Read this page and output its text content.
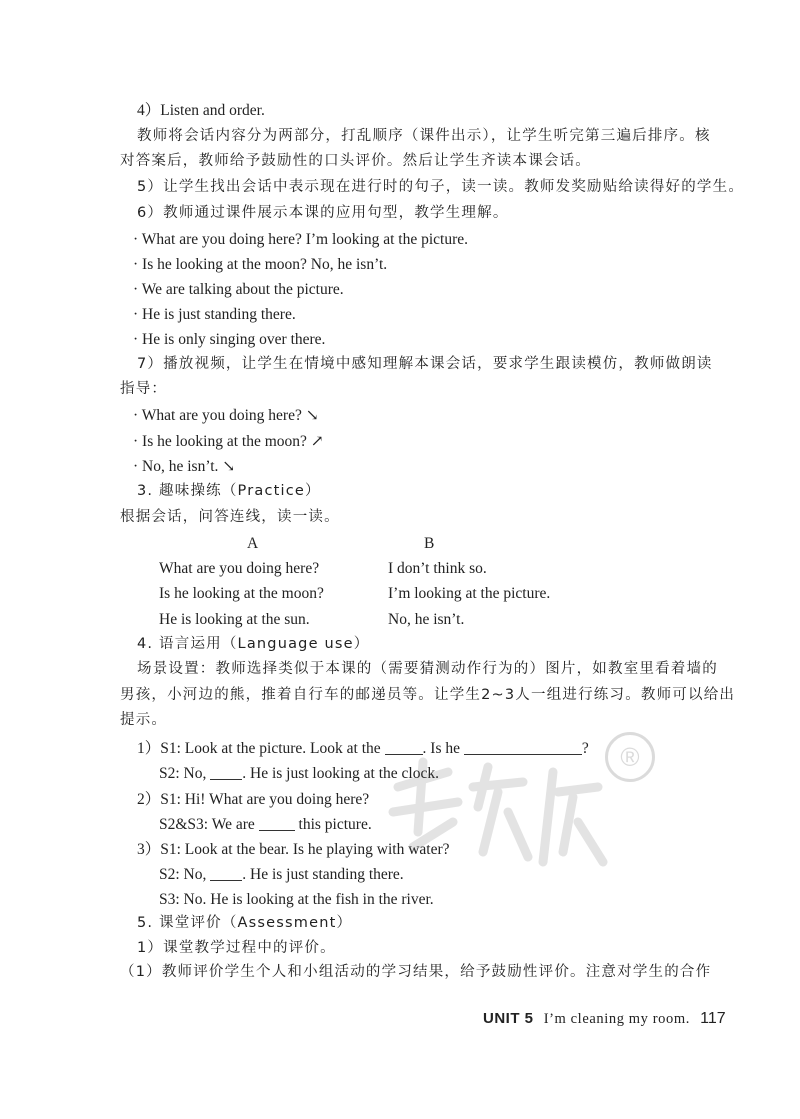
4）Listen and order.
教师将会话内容分为两部分，打乱顺序（课件出示），让学生听完第三遍后排序。核
对答案后，教师给予鼓励性的口头评价。然后让学生齐读本课会话。
5）让学生找出会话中表示现在进行时的句子，读一读。教师发奖励贴给读得好的学生。
6）教师通过课件展示本课的应用句型，教学生理解。
· What are you doing here? I’m looking at the picture.
· Is he looking at the moon? No, he isn’t.
· We are talking about the picture.
· He is just standing there.
· He is only singing over there.
7）播放视频，让学生在情境中感知理解本课会话，要求学生跟读模仿，教师做朗读
指导：
· What are you doing here? ↘
· Is he looking at the moon? ↗
· No, he isn’t. ↘
3. 趣味操练（Practice）
根据会话，问答连线，读一读。
A	B
What are you doing here?	I don’t think so.
Is he looking at the moon?	I’m looking at the picture.
He is looking at the sun.	No, he isn’t.
4. 语言运用（Language use）
场景设置：教师选择类似于本课的（需要猜测动作行为的）图片，如教室里看着墙的
男孩，小河边的熊，推着自行车的邮递员等。让学生2~3人一组进行练习。教师可以给出
提示。
1）S1: Look at the picture. Look at the	. Is he	?
S2: No, . He is just looking at the clock.
2）S1: Hi! What are you doing here?
S2&S3: We are	this picture.
3）S1: Look at the bear. Is he playing with water?
S2: No, . He is just standing there.
S3: No. He is looking at the fish in the river.
5. 课堂评价（Assessment）
1）课堂教学过程中的评价。
（1）教师评价学生个人和小组活动的学习结果，给予鼓励性评价。注意对学生的合作
®
UNIT 5 I’m cleaning my room. 117
